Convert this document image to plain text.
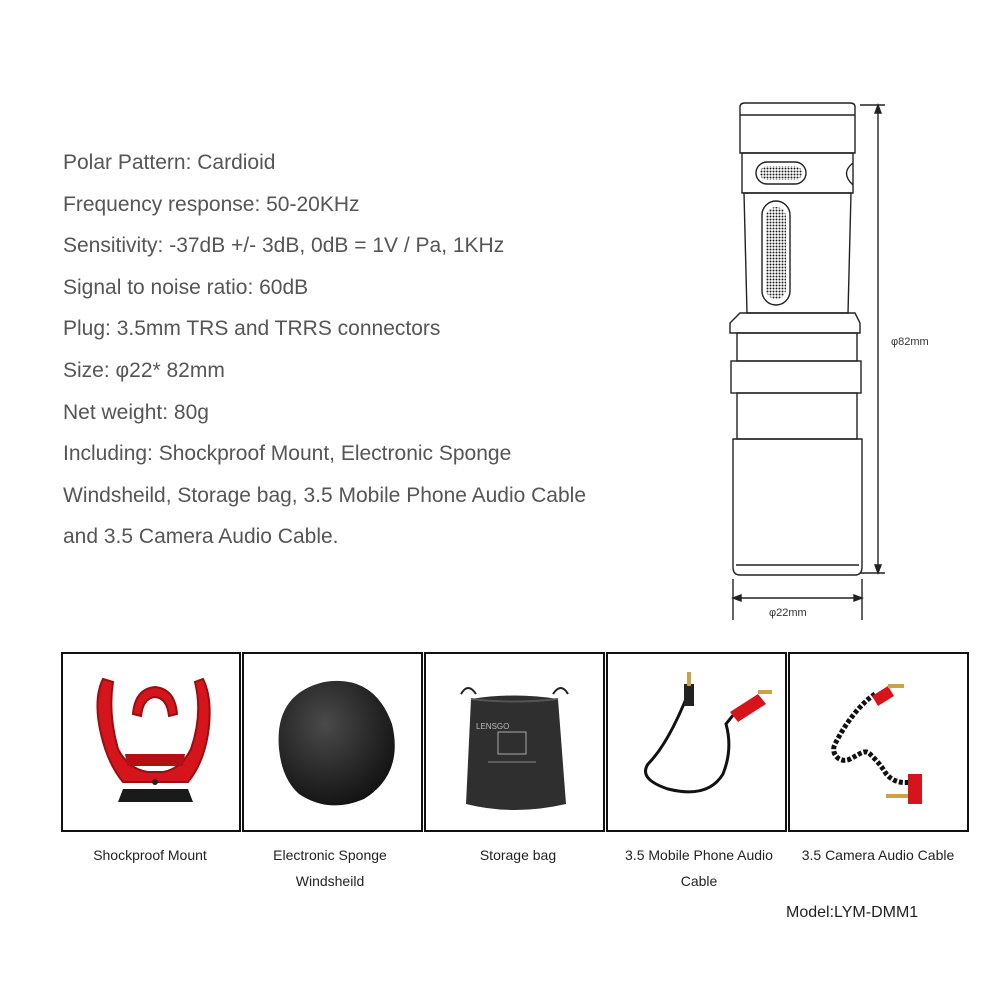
Polar Pattern: Cardioid
Frequency response: 50-20KHz
Sensitivity: -37dB +/- 3dB, 0dB = 1V / Pa, 1KHz
Signal to noise ratio: 60dB
Plug: 3.5mm TRS and TRRS connectors
Size: φ22* 82mm
Net weight: 80g
Including: Shockproof Mount, Electronic Sponge Windsheild, Storage bag, 3.5 Mobile Phone Audio Cable and 3.5 Camera Audio Cable.
φ82mm
φ22mm
LENSGO
Shockproof Mount	Electronic Sponge Windsheild
Storage bag	3.5 Mobile Phone Audio Cable
3.5 Camera Audio Cable
Model:LYM-DMM1
